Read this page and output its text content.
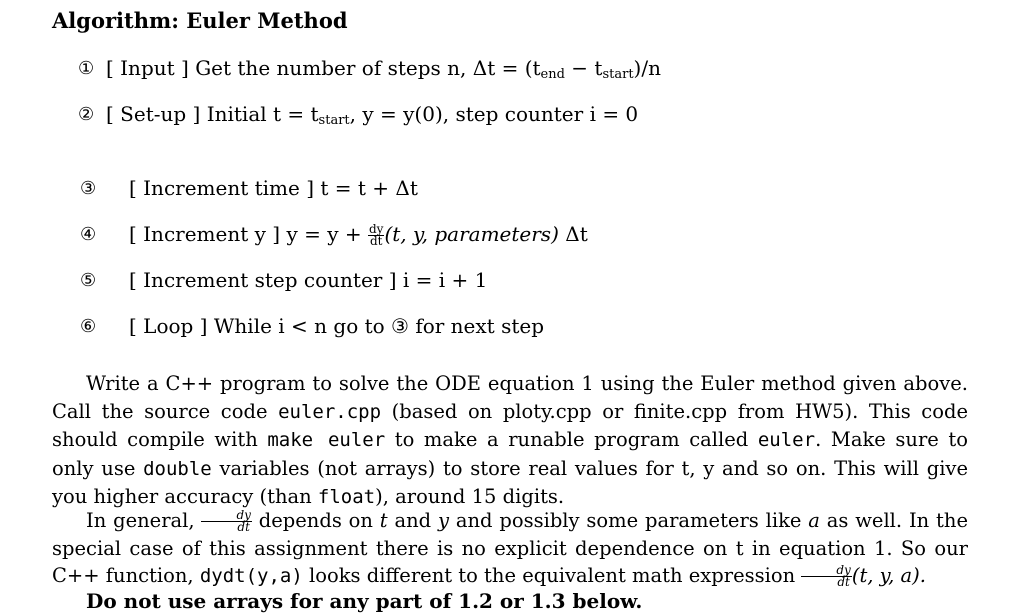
Algorithm: Euler Method
① [ Input ] Get the number of steps n, $\Delta t = (t_{end} - t_{start})/n$
② [ Set-up ] Initial $t = t_{start}$, y = y(0), step counter i = 0
③ [ Increment time ] t = t + Δt
④ [ Increment y ] $y = y + \frac{dy}{dt} (t$, y, parameters) Δt
⑤ [ Increment step counter ] i = i + 1
⑥ [ Loop ] While i < n go to ③ for next step
Write a C++ program to solve the ODE equation 1 using the Euler method given above. Call the source code euler.cpp (based on ploty.cpp or finite.cpp from HW5). This code should compile with make euler to make a runable program called euler. Make sure to only use double variables (not arrays) to store real values for t, y and so on. This will give you higher accuracy (than float), around 15 digits.
In general, $\frac{dy}{dt}$ depends on t and y and possibly some parameters like a as well. In the special case of this assignment there is no explicit dependence on t in equation 1. So our C++ function, dydt(y,a) looks different to the equivalent math expression $\frac{dy}{dt} (t$, y, a).
Do not use arrays for any part of 1.2 or 1.3 below.
